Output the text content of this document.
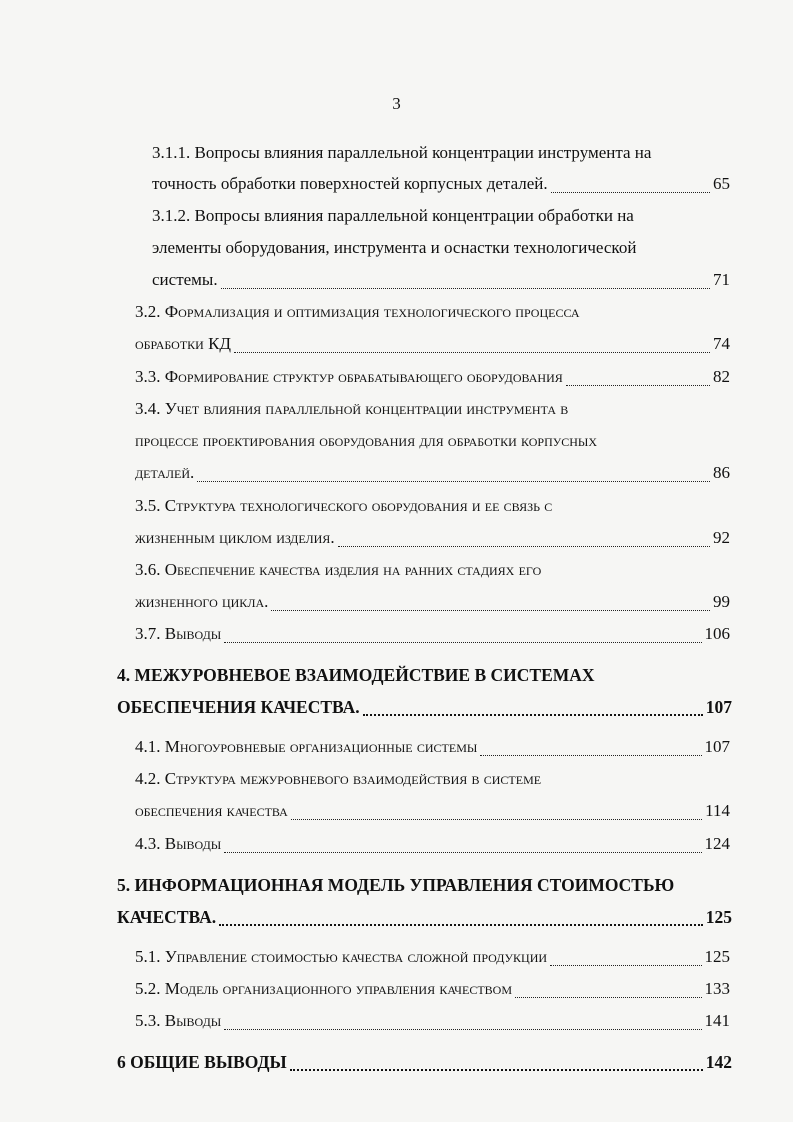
3
3.1.1. Вопросы влияния параллельной концентрации инструмента на
точность обработки поверхностей корпусных деталей.	65
3.1.2. Вопросы влияния параллельной концентрации обработки на
элементы оборудования, инструмента и оснастки технологической
системы.	71
3.2. Формализация и оптимизация технологического процесса
обработки КД	74
3.3. Формирование структур обрабатывающего оборудования	82
3.4. Учет влияния параллельной концентрации инструмента в
процессе проектирования оборудования для обработки корпусных
деталей.	86
3.5. Структура технологического оборудования и ее связь с
жизненным циклом изделия.	92
3.6. Обеспечение качества изделия на ранних стадиях его
жизненного цикла.	99
3.7. Выводы	106
4. МЕЖУРОВНЕВОЕ ВЗАИМОДЕЙСТВИЕ В СИСТЕМАХ
ОБЕСПЕЧЕНИЯ КАЧЕСТВА.	107
4.1. Многоуровневые организационные системы	107
4.2. Структура межуровневого взаимодействия в системе
обеспечения качества	114
4.3. Выводы	124
5. ИНФОРМАЦИОННАЯ МОДЕЛЬ УПРАВЛЕНИЯ СТОИМОСТЬЮ
КАЧЕСТВА.	125
5.1. Управление стоимостью качества сложной продукции	125
5.2. Модель организационного управления качеством	133
5.3. Выводы	141
6 ОБЩИЕ ВЫВОДЫ	142
